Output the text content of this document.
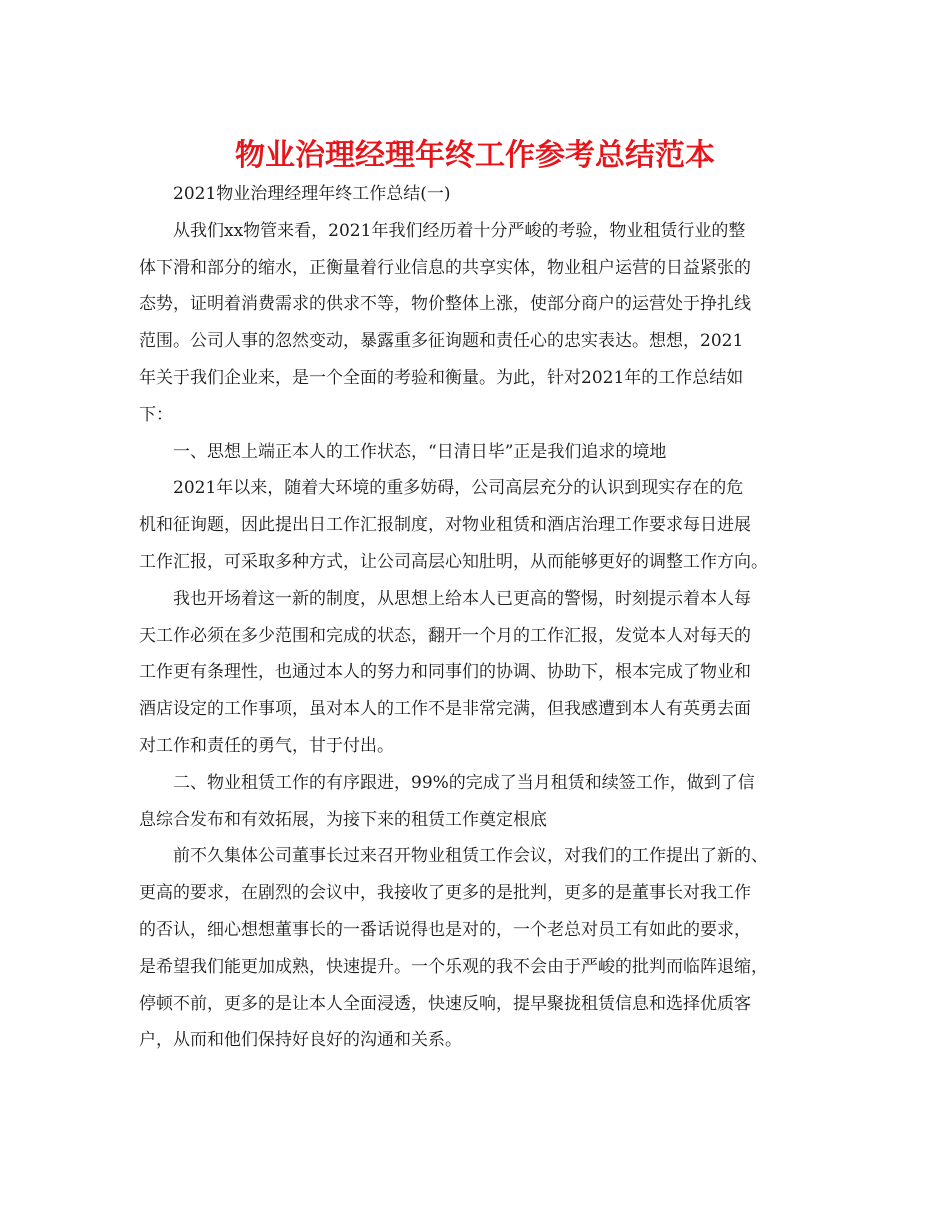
物业治理经理年终工作参考总结范本
2021物业治理经理年终工作总结(一)
从我们xx物管来看，2021年我们经历着十分严峻的考验，物业租赁行业的整
体下滑和部分的缩水，正衡量着行业信息的共享实体，物业租户运营的日益紧张的
态势，证明着消费需求的供求不等，物价整体上涨，使部分商户的运营处于挣扎线
范围。公司人事的忽然变动，暴露重多征询题和责任心的忠实表达。想想，2021
年关于我们企业来，是一个全面的考验和衡量。为此，针对2021年的工作总结如
下：
一、思想上端正本人的工作状态，“日清日毕”正是我们追求的境地
2021年以来，随着大环境的重多妨碍，公司高层充分的认识到现实存在的危
机和征询题，因此提出日工作汇报制度，对物业租赁和酒店治理工作要求每日进展
工作汇报，可采取多种方式，让公司高层心知肚明，从而能够更好的调整工作方向。
我也开场着这一新的制度，从思想上给本人已更高的警惕，时刻提示着本人每
天工作必须在多少范围和完成的状态，翻开一个月的工作汇报，发觉本人对每天的
工作更有条理性，也通过本人的努力和同事们的协调、协助下，根本完成了物业和
酒店设定的工作事项，虽对本人的工作不是非常完满，但我感遭到本人有英勇去面
对工作和责任的勇气，甘于付出。
二、物业租赁工作的有序跟进，99%的完成了当月租赁和续签工作，做到了信
息综合发布和有效拓展，为接下来的租赁工作奠定根底
前不久集体公司董事长过来召开物业租赁工作会议，对我们的工作提出了新的、
更高的要求，在剧烈的会议中，我接收了更多的是批判，更多的是董事长对我工作
的否认，细心想想董事长的一番话说得也是对的，一个老总对员工有如此的要求，
是希望我们能更加成熟，快速提升。一个乐观的我不会由于严峻的批判而临阵退缩，
停顿不前，更多的是让本人全面浸透，快速反响，提早聚拢租赁信息和选择优质客
户，从而和他们保持好良好的沟通和关系。
